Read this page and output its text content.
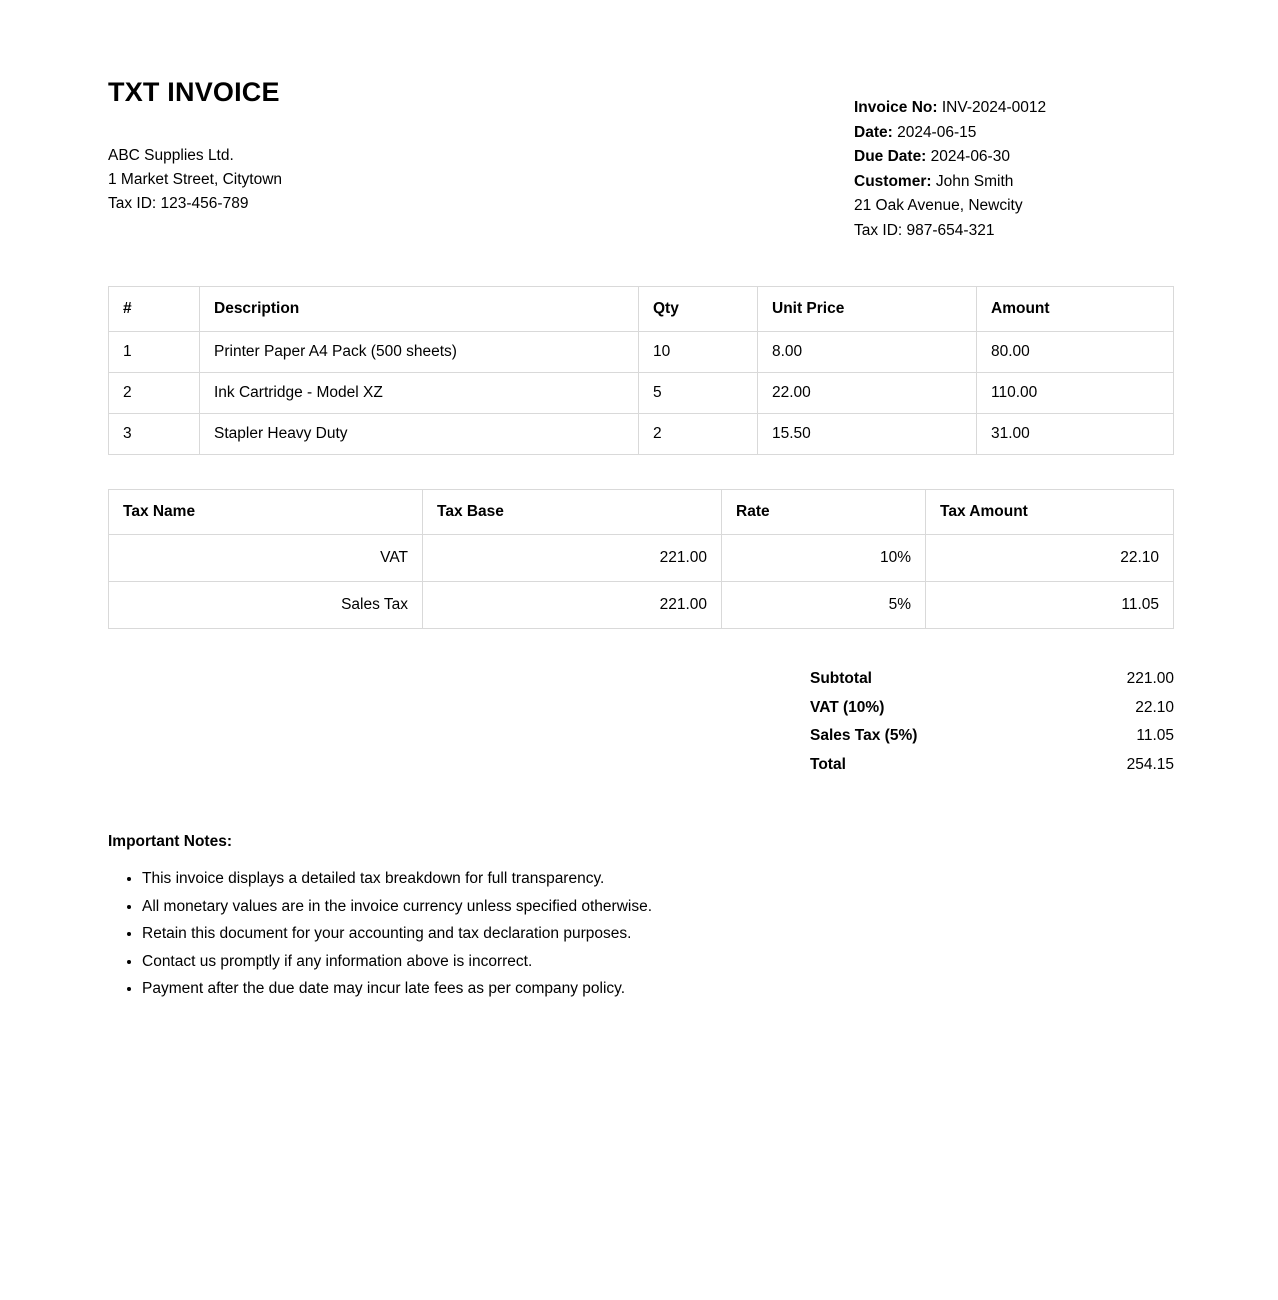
TXT INVOICE
ABC Supplies Ltd.
1 Market Street, Citytown
Tax ID: 123-456-789
Invoice No: INV-2024-0012
Date: 2024-06-15
Due Date: 2024-06-30
Customer: John Smith
21 Oak Avenue, Newcity
Tax ID: 987-654-321
#	Description	Qty	Unit Price	Amount
1	Printer Paper A4 Pack (500 sheets)	10	8.00	80.00
2	Ink Cartridge - Model XZ	5	22.00	110.00
3	Stapler Heavy Duty	2	15.50	31.00
Tax Name	Tax Base	Rate	Tax Amount
VAT	221.00	10%	22.10
Sales Tax	221.00	5%	11.05
Subtotal	221.00
VAT (10%)	22.10
Sales Tax (5%)	11.05
Total	254.15
Important Notes:
• This invoice displays a detailed tax breakdown for full transparency.
• All monetary values are in the invoice currency unless specified otherwise.
• Retain this document for your accounting and tax declaration purposes.
• Contact us promptly if any information above is incorrect.
• Payment after the due date may incur late fees as per company policy.
